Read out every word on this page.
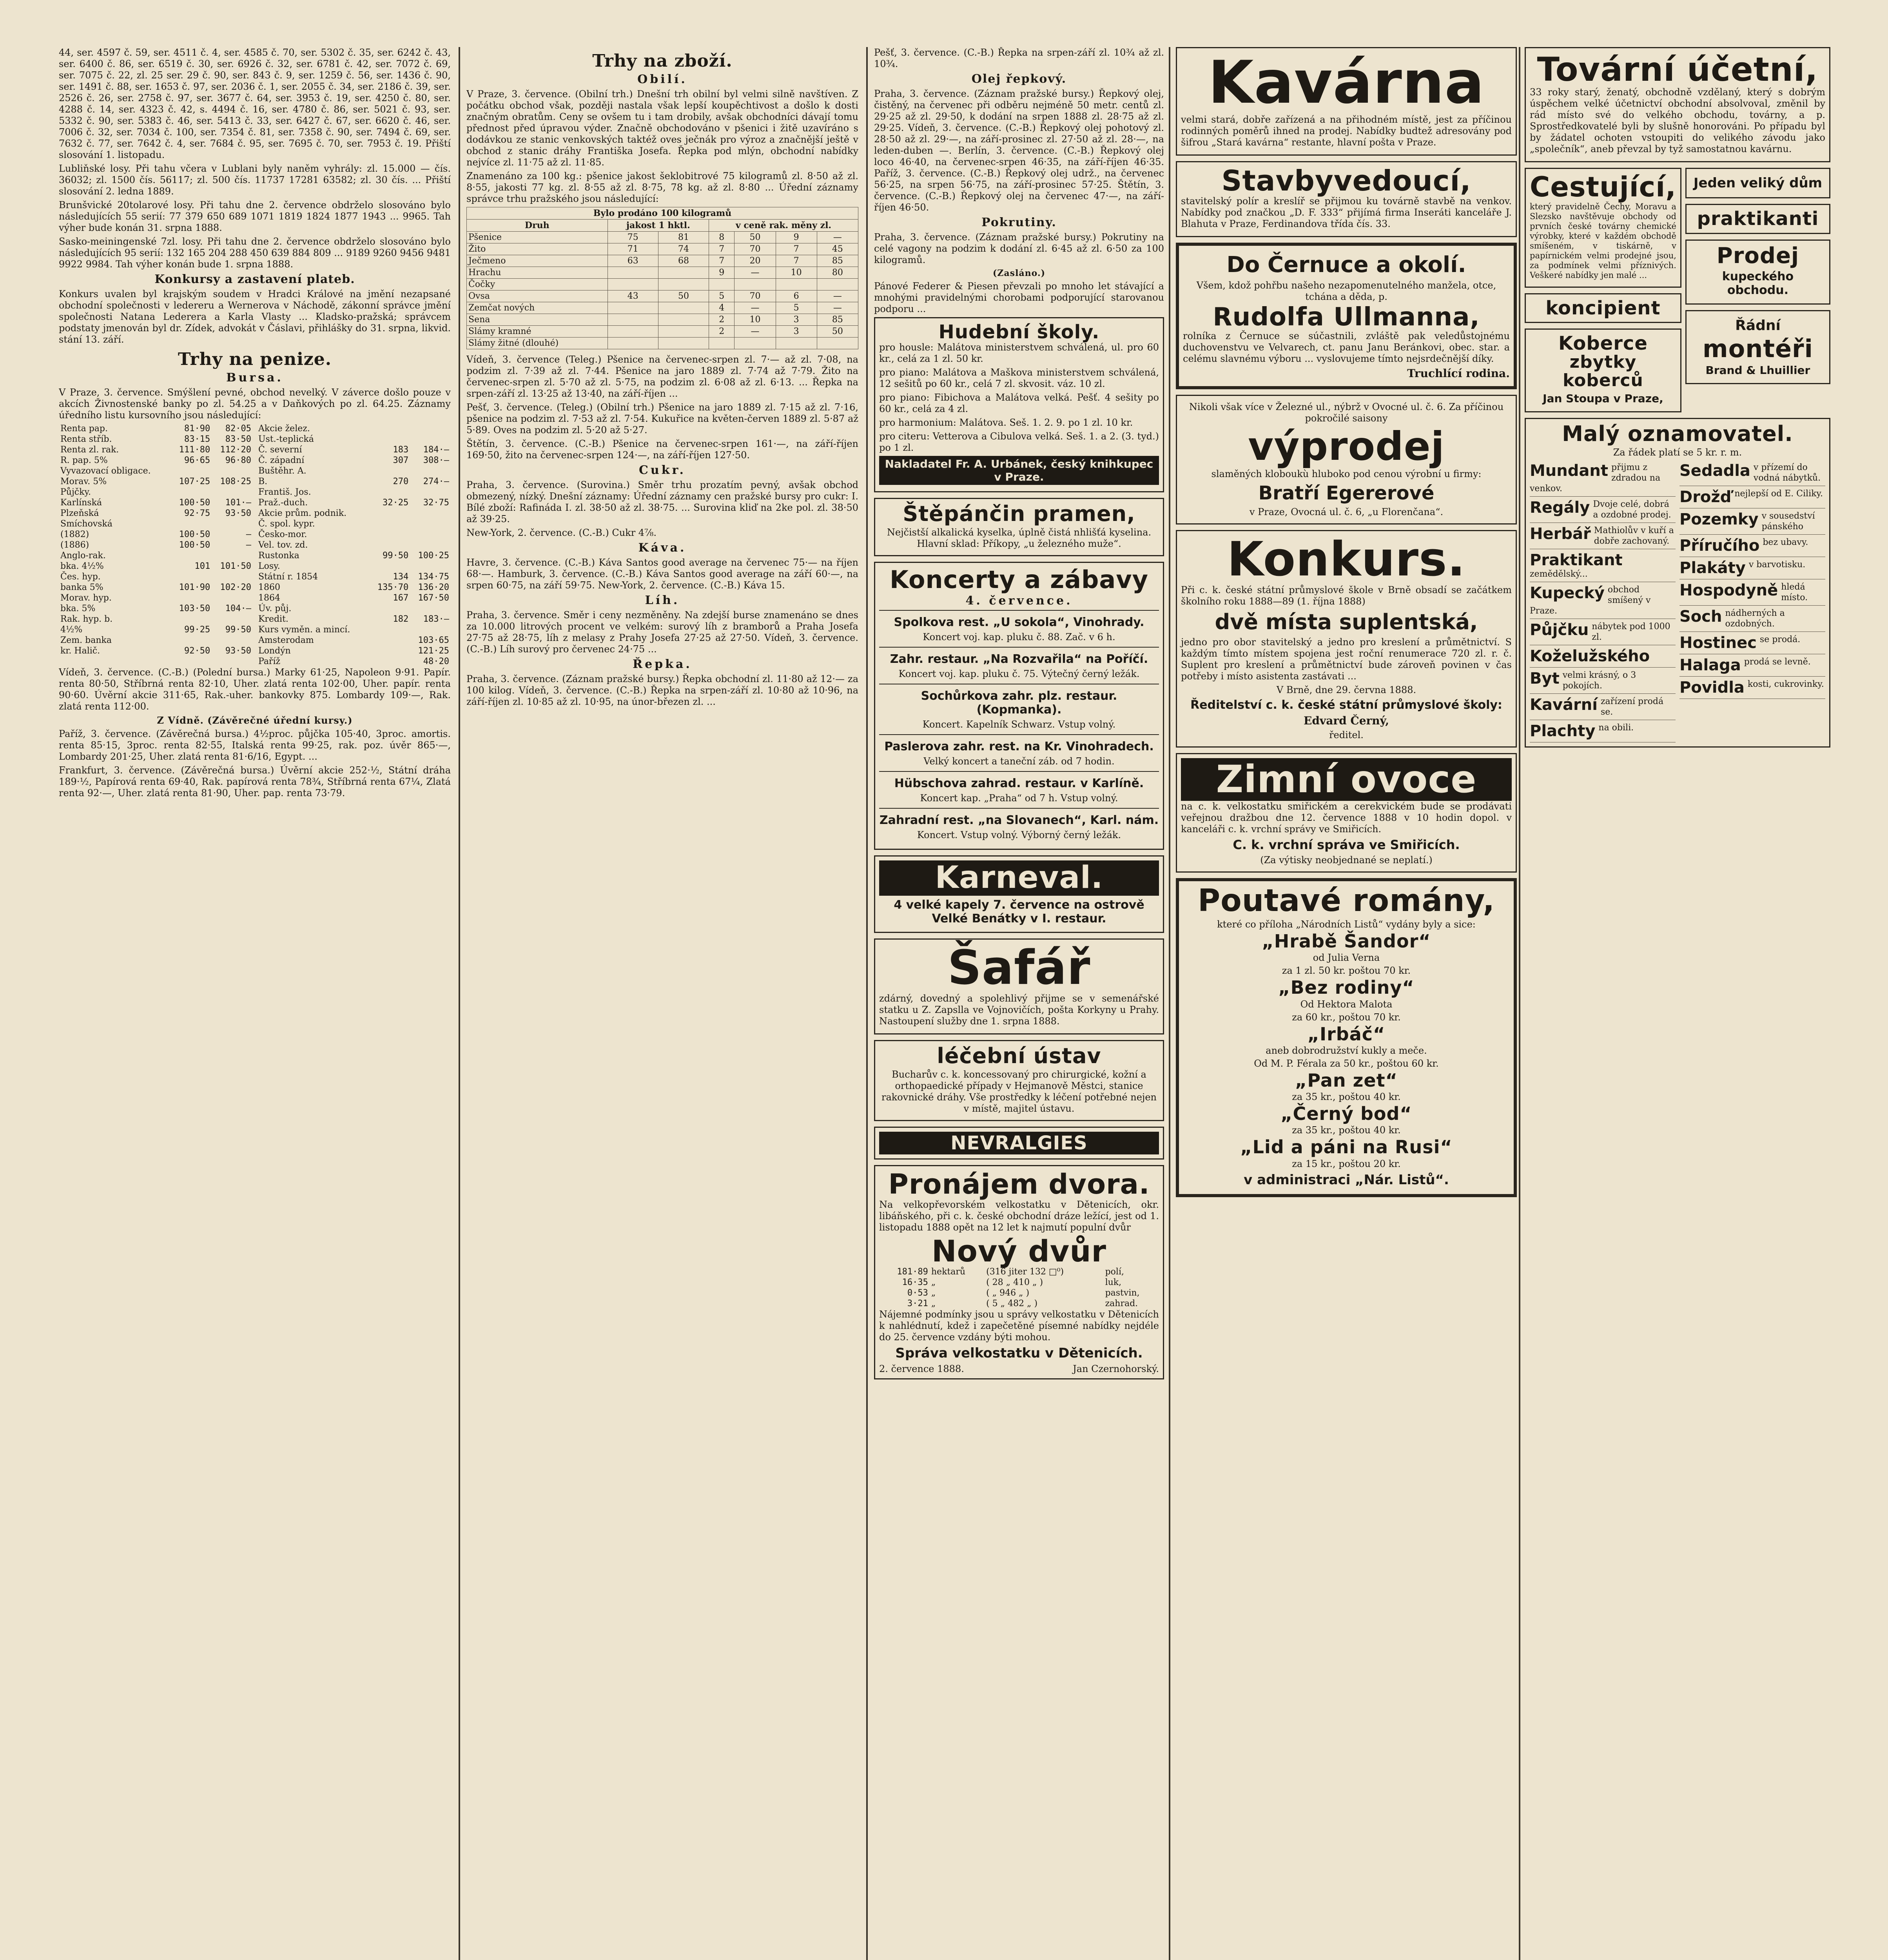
44, ser. 4597 č. 59, ser. 4511 č. 4, ser. 4585 č. 70, ser. 5302 č. 35, ser. 6242 č. 43, ser. 6400 č. 86, ser. 6519 č. 30, ser. 6926 č. 32, ser. 6781 č. 42, ser. 7072 č. 69, ser. 7075 č. 22, zl. 25 ser. 29 č. 90, ser. 843 č. 9, ser. 1259 č. 56, ser. 1436 č. 90, ser. 1491 č. 88, ser. 1653 č. 97, ser. 2036 č. 1, ser. 2055 č. 34, ser. 2186 č. 39, ser. 2526 č. 26, ser. 2758 č. 97, ser. 3677 č. 64, ser. 3953 č. 19, ser. 4250 č. 80, ser. 4288 č. 14, ser. 4323 č. 42, s. 4494 č. 16, ser. 4780 č. 86, ser. 5021 č. 93, ser. 5332 č. 90, ser. 5383 č. 46, ser. 5413 č. 33, ser. 6427 č. 67, ser. 6620 č. 46, ser. 7006 č. 32, ser. 7034 č. 100, ser. 7354 č. 81, ser. 7358 č. 90, ser. 7494 č. 69, ser. 7632 č. 77, ser. 7642 č. 4, ser. 7684 č. 95, ser. 7695 č. 70, ser. 7953 č. 19. Přiští slosování 1. listopadu.

Lubliňské losy. Při tahu včera v Lublani byly naněm vyhrály: zl. 15.000 — čís. 36032; zl. 1500 čís. 56117; zl. 500 čís. 11737 17281 63582; zl. 30 čís. ... Přiští slosování 2. ledna 1889.

Brunšvické 20tolarové losy. Při tahu dne 2. července obdrželo slosováno bylo následujících 55 serií: 77 379 650 689 1071 1819 1824 1877 1943 ... 9965. Tah výher bude konán 31. srpna 1888.

Sasko-meiningenské 7zl. losy. Při tahu dne 2. července obdrželo slosováno bylo následujících 95 serií: 132 165 204 288 450 639 884 809 ... 9189 9260 9456 9481 9922 9984. Tah výher konán bude 1. srpna 1888.

Konkursy a zastavení plateb.

Konkurs uvalen byl krajským soudem v Hradci Králové na jmění nezapsané obchodní společnosti v ledereru a Wernerova v Náchodě, zákonní správce jmění společnosti Natana Lederera a Karla Vlasty ... Kladsko-pražská; správcem podstaty jmenován byl dr. Zídek, advokát v Čáslavi, přihlášky do 31. srpna, likvid. stání 13. září.

Trhy na penize.
Bursa.

V Praze, 3. července. Smýšlení pevné, obchod nevelký. V záverce došlo pouze v akcích Živnostenské banky po zl. 54.25 a v Daňkových po zl. 64.25. Záznamy úředního listu kursovního jsou následující:

Renta pap.	81·90	82·05
Renta stříb.	83·15	83·50
Renta zl. rak.	111·80	112·20
R. pap. 5%	96·65	96·80
Vyvazovací obligace.		
Morav. 5%	107·25	108·25
Půjčky.		
Karlínská	100·50	101·—
Plzeňská	92·75	93·50
Smíchovská		
(1882)	100·50	—
(1886)	100·50	—
Anglo-rak.		
bka. 4½%	101	101·50
Čes. hyp.		
banka 5%	101·90	102·20
Morav. hyp.		
bka. 5%	103·50	104·—
Rak. hyp. b.		
4½%	99·25	99·50
Zem. banka		
kr. Halič.	92·50	93·50
Akcie želez.		
Ust.-teplická		
Č. severní	183	184·—
Č. západní	307	308·—
Buštěhr. A.		
B.	270	274·—
Františ. Jos.		
Praž.-duch.	32·25	32·75
Akcie prům. podnik.		
Č. spol. kypr.		
Česko-mor.		
Vel. tov. zd.		
Rustonka	99·50	100·25
Losy.		
Státní r. 1854	134	134·75
1860	135·70	136·20
1864	167	167·50
Úv. půj.		
Kredit.	182	183·—
Kurs vyměn. a mincí.		
Amsterodam		103·65
Londýn		121·25
Paříž		48·20

Vídeň, 3. července. (C.-B.) (Polední bursa.) Marky 61·25, Napoleon 9·91. Papír. renta 80·50, Stříbrná renta 82·10, Uher. zlatá renta 102·00, Uher. papír. renta 90·60. Úvěrní akcie 311·65, Rak.-uher. bankovky 875. Lombardy 109·—, Rak. zlatá renta 112·00.

Z Vídně. (Závěrečné úřední kursy.)

Paříž, 3. července. (Závěrečná bursa.) 4½proc. půjčka 105·40, 3proc. amortis. renta 85·15, 3proc. renta 82·55, Italská renta 99·25, rak. poz. úvěr 865·—, Lombardy 201·25, Uher. zlatá renta 81·6/16, Egypt. ...

Frankfurt, 3. července. (Závěrečná bursa.) Úvěrní akcie 252·½, Státní dráha 189·½, Papírová renta 69·40, Rak. papírová renta 78¾, Stříbrná renta 67¼, Zlatá renta 92·—, Uher. zlatá renta 81·90, Uher. pap. renta 73·79.

Trhy na zboží.
Obilí.

V Praze, 3. července. (Obilní trh.) Dnešní trh obilní byl velmi silně navštíven. Z počátku obchod však, později nastala však lepší koupěchtivost a došlo k dosti značným obratům. Ceny se ovšem tu i tam drobily, avšak obchodníci dávají tomu přednost před úpravou výder. Značně obchodováno v pšenici i žitě uzavíráno s dodávkou ze stanic venkovských taktéž oves ječnák pro výroz a značnější ještě v obchod z stanic dráhy Františka Josefa. Řepka pod mlýn, obchodní nabídky nejvíce zl. 11·75 až zl. 11·85.

Znamenáno za 100 kg.: pšenice jakost šeklobitrové 75 kilogramů zl. 8·50 až zl. 8·55, jakosti 77 kg. zl. 8·55 až zl. 8·75, 78 kg. až zl. 8·80 ... Úřední záznamy správce trhu pražského jsou následující:

Bylo prodáno 100 kilogramů						
Druh	jakost 1 hktl.		v ceně rak. měny zl.			
Pšenice	75	81	8	50	9	—
Žito	71	74	7	70	7	45
Ječmeno	63	68	7	20	7	85
Hrachu			9	—	10	80
Čočky						
Ovsa	43	50	5	70	6	—
Zemčat nových			4	—	5	—
Sena			2	10	3	85
Slámy kramné			2	—	3	50
Slámy žitné (dlouhé)						

Vídeň, 3. července (Teleg.) Pšenice na červenec-srpen zl. 7·— až zl. 7·08, na podzim zl. 7·39 až zl. 7·44. Pšenice na jaro 1889 zl. 7·74 až 7·79. Žito na červenec-srpen zl. 5·70 až zl. 5·75, na podzim zl. 6·08 až zl. 6·13. ... Řepka na srpen-září zl. 13·25 až 13·40, na září-říjen ...

Pešť, 3. července. (Teleg.) (Obilní trh.) Pšenice na jaro 1889 zl. 7·15 až zl. 7·16, pšenice na podzim zl. 7·53 až zl. 7·54. Kukuřice na květen-červen 1889 zl. 5·87 až 5·89. Oves na podzim zl. 5·20 až 5·27.

Štětín, 3. července. (C.-B.) Pšenice na červenec-srpen 161·—, na září-říjen 169·50, žito na červenec-srpen 124·—, na září-říjen 127·50.

Cukr.

Praha, 3. července. (Surovina.) Směr trhu prozatím pevný, avšak obchod obmezený, nízký. Dnešní záznamy: Úřední záznamy cen pražské bursy pro cukr: I. Bílé zboží: Rafináda I. zl. 38·50 až zl. 38·75. ... Surovina kliď na 2ke pol. zl. 38·50 až 39·25.

New-York, 2. července. (C.-B.) Cukr 4⅞.

Káva.

Havre, 3. července. (C.-B.) Káva Santos good average na červenec 75·— na říjen 68·—. Hamburk, 3. července. (C.-B.) Káva Santos good average na září 60·—, na srpen 60·75, na září 59·75. New-York, 2. července. (C.-B.) Káva 15.

Líh.

Praha, 3. července. Směr i ceny nezměněny. Na zdejší burse znamenáno se dnes za 10.000 litrových procent ve velkém: surový líh z bramborů a Praha Josefa 27·75 až 28·75, líh z melasy z Prahy Josefa 27·25 až 27·50. Vídeň, 3. července. (C.-B.) Líh surový pro červenec 24·75 ...

Řepka.

Praha, 3. července. (Záznam pražské bursy.) Řepka obchodní zl. 11·80 až 12·— za 100 kilog. Vídeň, 3. července. (C.-B.) Řepka na srpen-září zl. 10·80 až 10·96, na září-říjen zl. 10·85 až zl. 10·95, na únor-březen zl. ...

Pešť, 3. července. (C.-B.) Řepka na srpen-září zl. 10¾ až zl. 10¾.

Olej řepkový.

Praha, 3. července. (Záznam pražské bursy.) Řepkový olej, čistěný, na červenec při odběru nejméně 50 metr. centů zl. 29·25 až zl. 29·50, k dodání na srpen 1888 zl. 28·75 až zl. 29·25. Vídeň, 3. července. (C.-B.) Řepkový olej pohotový zl. 28·50 až zl. 29·—, na září-prosinec zl. 27·50 až zl. 28·—, na leden-duben —. Berlín, 3. července. (C.-B.) Řepkový olej loco 46·40, na červenec-srpen 46·35, na září-říjen 46·35. Paříž, 3. července. (C.-B.) Řepkový olej udrž., na červenec 56·25, na srpen 56·75, na září-prosinec 57·25. Štětín, 3. července. (C.-B.) Řepkový olej na červenec 47·—, na září-říjen 46·50.

Pokrutiny.

Praha, 3. července. (Záznam pražské bursy.) Pokrutiny na celé vagony na podzim k dodání zl. 6·45 až zl. 6·50 za 100 kilogramů.

(Zasláno.)

Pánové Federer & Piesen převzali po mnoho let stávající a mnohými pravidelnými chorobami podporující starovanou podporu ...

Hudební školy.

pro housle: Malátova ministerstvem schválená, ul. pro 60 kr., celá za 1 zl. 50 kr.

pro piano: Malátova a Maškova ministerstvem schválená, 12 sešitů po 60 kr., celá 7 zl. skvosit. váz. 10 zl.

pro piano: Fibichova a Malátova velká. Pešť. 4 sešity po 60 kr., celá za 4 zl.

pro harmonium: Malátova. Seš. 1. 2. 9. po 1 zl. 10 kr.

pro citeru: Vetterova a Cibulova velká. Seš. 1. a 2. (3. tyd.) po 1 zl.

Nakladatel Fr. A. Urbánek, český knihkupec v Praze.
Štěpánčin pramen,
Nejčistší alkalická kyselka, úplně čistá nhlišťá kyselina. Hlavní sklad: Příkopy, „u železného muže“.
Koncerty a zábavy
4. července.
Spolkova rest. „U sokola“, Vinohrady.
Koncert voj. kap. pluku č. 88. Zač. v 6 h.
Zahr. restaur. „Na Rozvařila“ na Poříčí.
Koncert voj. kap. pluku č. 75. Výtečný černý ležák.
Sochůrkova zahr. plz. restaur. (Kopmanka).
Koncert. Kapelník Schwarz. Vstup volný.
Paslerova zahr. rest. na Kr. Vinohradech.
Velký koncert a taneční záb. od 7 hodin.
Hübschova zahrad. restaur. v Karlíně.
Koncert kap. „Praha“ od 7 h. Vstup volný.
Zahradní rest. „na Slovanech“, Karl. nám.
Koncert. Vstup volný. Výborný černý ležák.
Karneval.
4 velké kapely 7. července na ostrově Velké Benátky v I. restaur.
Šafář

zdárný, dovedný a spolehlivý přijme se v semenářské statku u Z. Zapslla ve Vojnovičích, pošta Korkyny u Prahy. Nastoupení služby dne 1. srpna 1888.

léčební ústav
Bucharův c. k. koncessovaný pro chirurgické, kožní a orthopaedické případy v Hejmanově Městci, stanice rakovnické dráhy. Vše prostředky k léčení potřebné nejen v místě, majitel ústavu.
NEVRALGIES
Pronájem dvora.

Na velkopřevorském velkostatku v Dětenicích, okr. libáňského, při c. k. české obchodní dráze ležící, jest od 1. listopadu 1888 opět na 12 let k najmutí populní dvůr

Nový dvůr
181·89	hektarů	(316 jiter 132 □⁰)	polí,
16·35	„	( 28 „ 410 „ )	luk,
0·53	„	( „ 946 „ )	pastvin,
3·21	„	( 5 „ 482 „ )	zahrad.

Nájemné podmínky jsou u správy velkostatku v Dětenicích k nahlédnutí, kdež i zapečetěné písemné nabídky nejdéle do 25. července vzdány býti mohou.

Správa velkostatku v Dětenicích.
2. července 1888.	Jan Czernohorský.
Kavárna

velmi stará, dobře zařízená a na přihodném místě, jest za příčinou rodinných poměrů ihned na prodej. Nabídky budtež adresovány pod šifrou „Stará kavárna“ restante, hlavní pošta v Praze.

Stavbyvedoucí,

stavitelský polír a kreslíř se přijmou ku továrně stavbě na venkov. Nabídky pod značkou „D. F. 333“ přijímá firma Inseráti kanceláře J. Blahuta v Praze, Ferdinandova třída čís. 33.

Do Černuce a okolí.
Všem, kdož pohřbu našeho nezapomenutelného manžela, otce, tchána a děda, p.
Rudolfa Ullmanna,

rolníka z Černuce se súčastnili, zvláště pak veledůstojnému duchovenstvu ve Velvarech, ct. panu Janu Beránkovi, obec. star. a celému slavnému výboru ... vyslovujeme tímto nejsrdečnější díky.

Truchlící rodina.
Nikoli však více v Železné ul., nýbrž v Ovocné ul. č. 6. Za příčinou pokročilé saisony
výprodej
slaměných kloboukù hluboko pod cenou výrobní u firmy:
Bratří Egererové
v Praze, Ovocná ul. č. 6, „u Florenčana“.
Konkurs.

Při c. k. české státní průmyslové škole v Brně obsadí se začátkem školního roku 1888—89 (1. října 1888)

dvě místa suplentská,

jedno pro obor stavitelský a jedno pro kreslení a průmětnictví. S každým tímto místem spojena jest roční renumerace 720 zl. r. č. Suplent pro kreslení a průmětnictví bude zároveň povinen v čas potřeby i místo asistenta zastávati ...

V Brně, dne 29. června 1888.
Ředitelství c. k. české státní průmyslové školy:
Edvard Černý,
ředitel.
Zimní ovoce

na c. k. velkostatku smiřickém a cerekvickém bude se prodávati veřejnou dražbou dne 12. července 1888 v 10 hodin dopol. v kanceláři c. k. vrchní správy ve Smiřicích.

C. k. vrchní správa ve Smiřicích.
(Za výtisky neobjednané se neplatí.)
Poutavé romány,
které co příloha „Národních Listů“ vydány byly a sice:
„Hrabě Šandor“
od Julia Verna
za 1 zl. 50 kr. poštou 70 kr.
„Bez rodiny“
Od Hektora Malota
za 60 kr., poštou 70 kr.
„Irbáč“
aneb dobrodružství kukly a meče.
Od M. P. Férala za 50 kr., poštou 60 kr.
„Pan zet“
za 35 kr., poštou 40 kr.
„Černý bod“
za 35 kr., poštou 40 kr.
„Lid a páni na Rusi“
za 15 kr., poštou 20 kr.
v administraci „Nár. Listů“.
Tovární účetní,

33 roky starý, ženatý, obchodně vzdělaný, který s dobrým úspěchem velké účetnictví obchodní absolvoval, změnil by rád místo své do velkého obchodu, továrny, a p. Sprostředkovatelé byli by slušně honorováni. Po případu byl by žádatel ochoten vstoupiti do velikého závodu jako „společník“, aneb převzal by tyž samostatnou kavárnu.

Cestující,

který pravidelně Čechy, Moravu a Slezsko navštěvuje obchody od prvních české továrny chemické výrobky, které v každém obchodě smíšeném, v tiskárně, v papírnickém velmi prodejné jsou, za podmínek velmi příznivých. Veškeré nabídky jen malé ...

koncipient
Koberce
zbytky koberců
Jan Stoupa v Praze,
Jeden veliký dům
praktikanti
Prodej
kupeckého obchodu.
Řádní
montéři
Brand & Lhuillier
Malý oznamovatel.
Za řádek platí se 5 kr. r. m.
Mundant přijmu z zdradou na venkov.
Regály Dvoje celé, dobrá a ozdobné prodej.
Herbář Mathiolův v kuří a dobře zachovaný.
Praktikant
zemědělský...
Kupecký obchod smíšený v Praze.
Půjčku nábytek pod 1000 zl.
Koželužského
Byt velmi krásný, o 3 pokojích.
Kavární zařízení prodá se.
Plachty na obili.
Sedadla v přízemí do vodná nábytků.
Drožď nejlepší od E. Ciliky.
Pozemky v sousedství pánského
Příručího bez ubavy.
Plakáty v barvotisku.
Hospodyně hledá místo.
Soch nádherných a ozdobných.
Hostinec se prodá.
Halaga prodá se levně.
Povidla kosti, cukrovinky.
